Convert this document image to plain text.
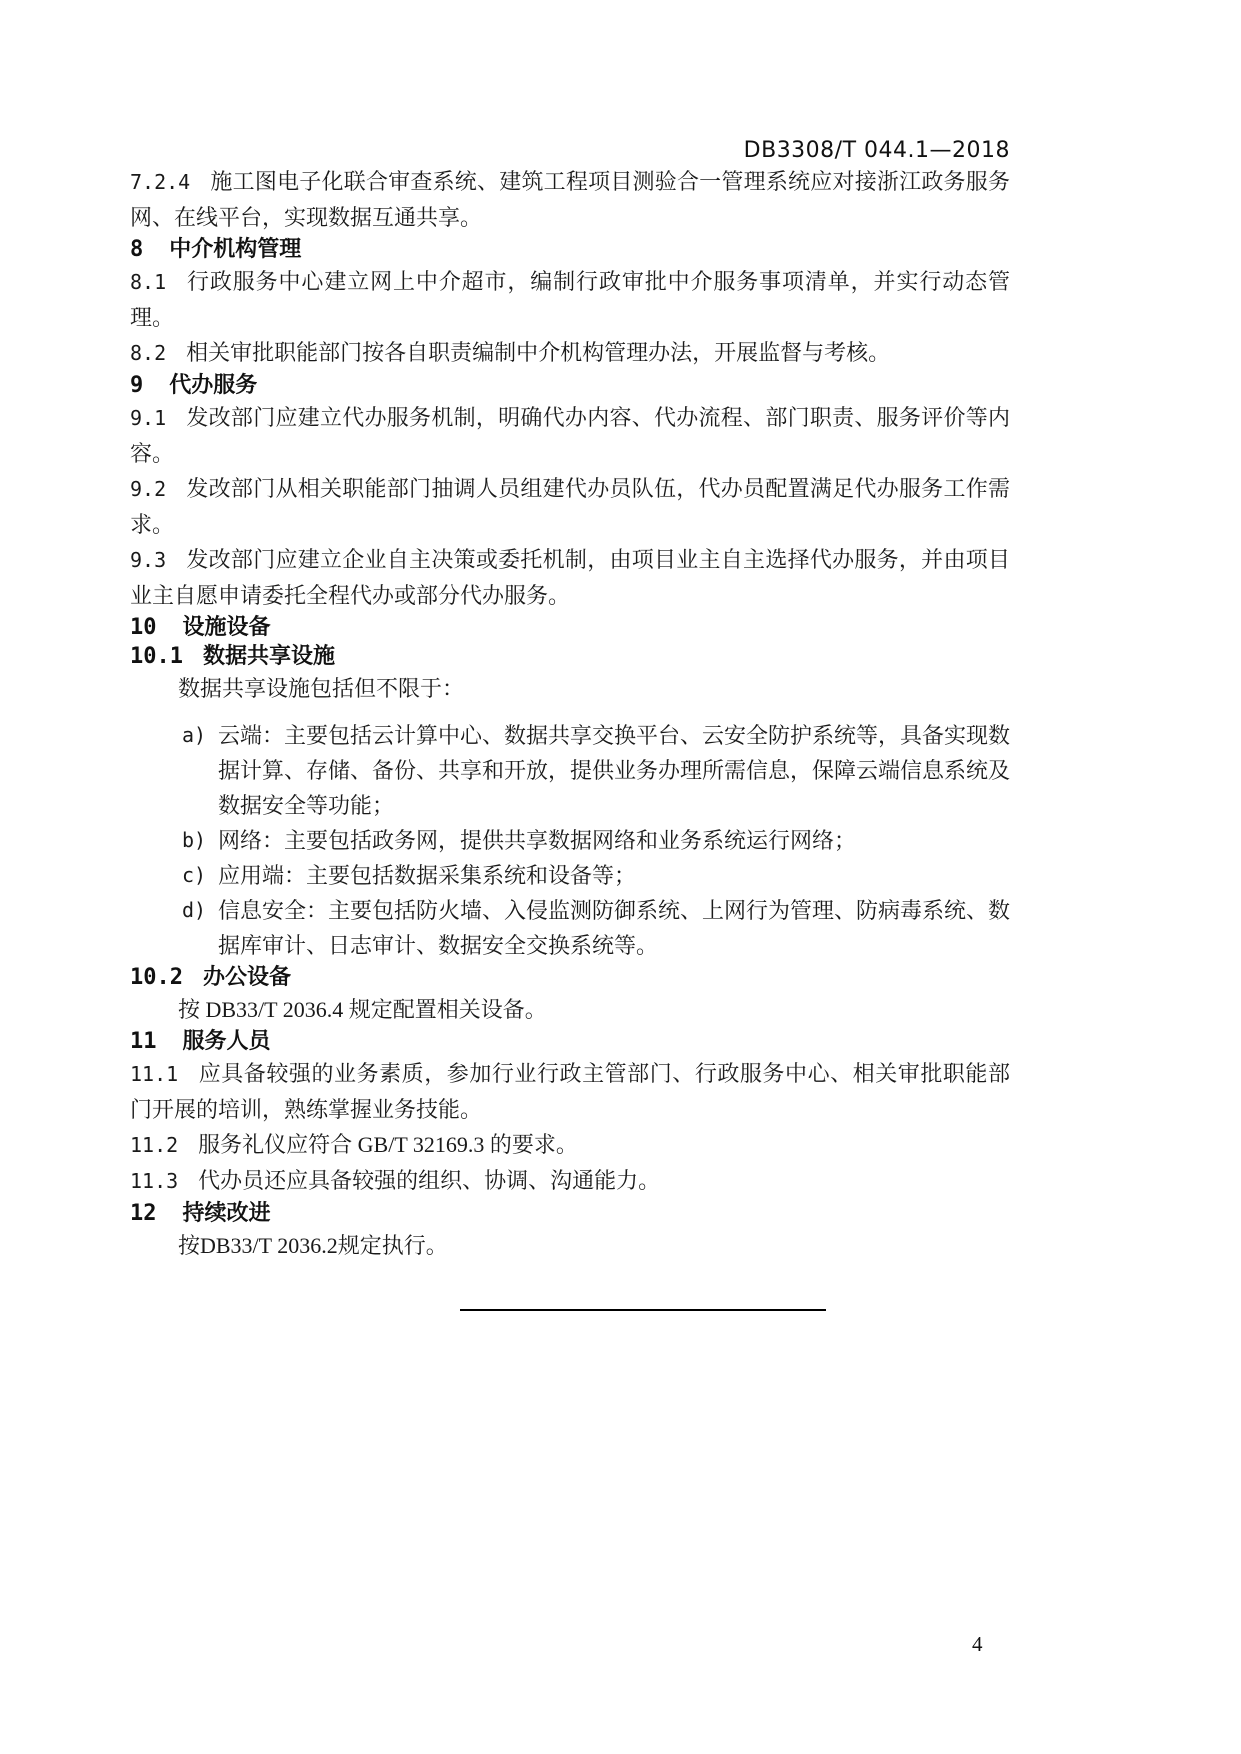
DB3308/T 044.1—2018

7.2.4 施工图电子化联合审查系统、建筑工程项目测验合一管理系统应对接浙江政务服务网、在线平台，实现数据互通共享。

8 中介机构管理

8.1 行政服务中心建立网上中介超市，编制行政审批中介服务事项清单，并实行动态管理。

8.2 相关审批职能部门按各自职责编制中介机构管理办法，开展监督与考核。

9 代办服务

9.1 发改部门应建立代办服务机制，明确代办内容、代办流程、部门职责、服务评价等内容。

9.2 发改部门从相关职能部门抽调人员组建代办员队伍，代办员配置满足代办服务工作需求。

9.3 发改部门应建立企业自主决策或委托机制，由项目业主自主选择代办服务，并由项目业主自愿申请委托全程代办或部分代办服务。

10 设施设备
10.1 数据共享设施

数据共享设施包括但不限于：

a) 云端：主要包括云计算中心、数据共享交换平台、云安全防护系统等，具备实现数据计算、存储、备份、共享和开放，提供业务办理所需信息，保障云端信息系统及数据安全等功能；
b) 网络：主要包括政务网，提供共享数据网络和业务系统运行网络；
c) 应用端：主要包括数据采集系统和设备等；
d) 信息安全：主要包括防火墙、入侵监测防御系统、上网行为管理、防病毒系统、数据库审计、日志审计、数据安全交换系统等。
10.2 办公设备

按 DB33/T 2036.4 规定配置相关设备。

11 服务人员

11.1 应具备较强的业务素质，参加行业行政主管部门、行政服务中心、相关审批职能部门开展的培训，熟练掌握业务技能。

11.2 服务礼仪应符合 GB/T 32169.3 的要求。

11.3 代办员还应具备较强的组织、协调、沟通能力。

12 持续改进

按DB33/T 2036.2规定执行。

4
